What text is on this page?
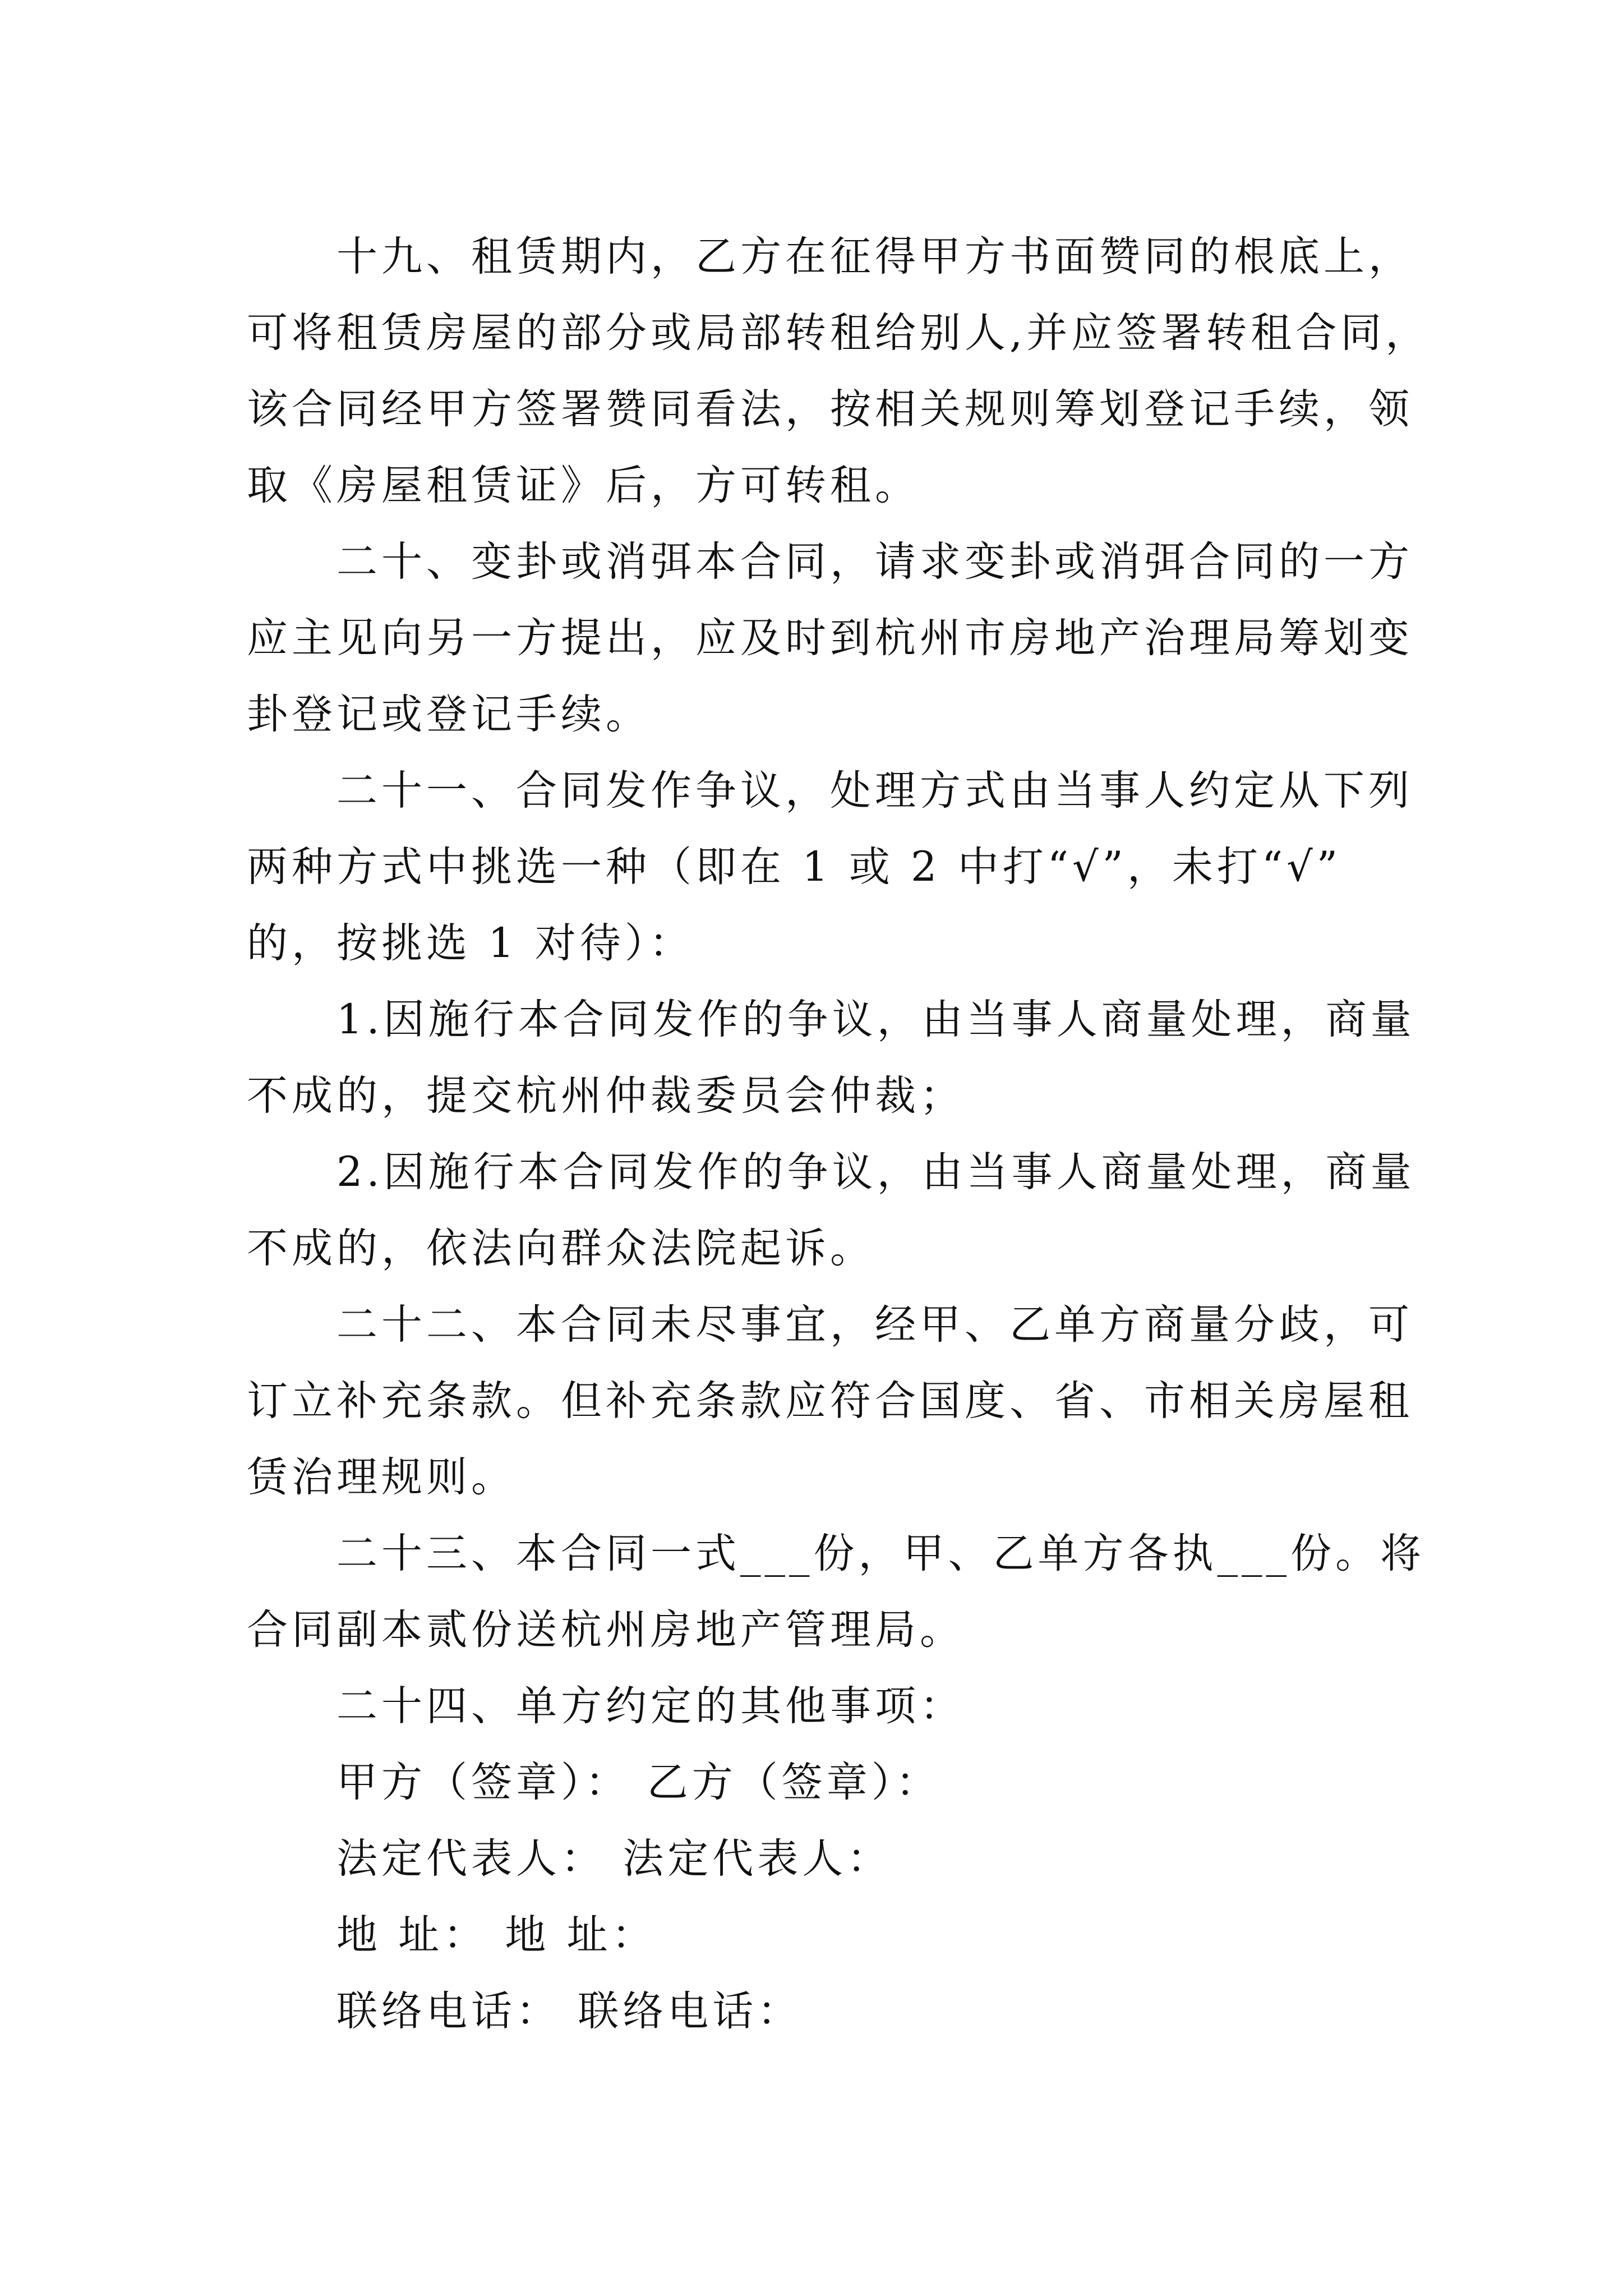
十九、租赁期内，乙方在征得甲方书面赞同的根底上，
可将租赁房屋的部分或局部转租给别人,并应签署转租合同，
该合同经甲方签署赞同看法，按相关规则筹划登记手续，领
取《房屋租赁证》后，方可转租。
二十、变卦或消弭本合同，请求变卦或消弭合同的一方
应主见向另一方提出，应及时到杭州市房地产治理局筹划变
卦登记或登记手续。
二十一、合同发作争议，处理方式由当事人约定从下列
两种方式中挑选一种（即在 1 或 2 中打“√”，未打“√”
的，按挑选 1 对待）：
1.因施行本合同发作的争议，由当事人商量处理，商量
不成的，提交杭州仲裁委员会仲裁；
2.因施行本合同发作的争议，由当事人商量处理，商量
不成的，依法向群众法院起诉。
二十二、本合同未尽事宜，经甲、乙单方商量分歧，可
订立补充条款。但补充条款应符合国度、省、市相关房屋租
赁治理规则。
二十三、本合同一式___份，甲、乙单方各执___份。将
合同副本贰份送杭州房地产管理局。
二十四、单方约定的其他事项：
甲方（签章）： 乙方（签章）：
法定代表人： 法定代表人：
地 址： 地 址：
联络电话： 联络电话：
